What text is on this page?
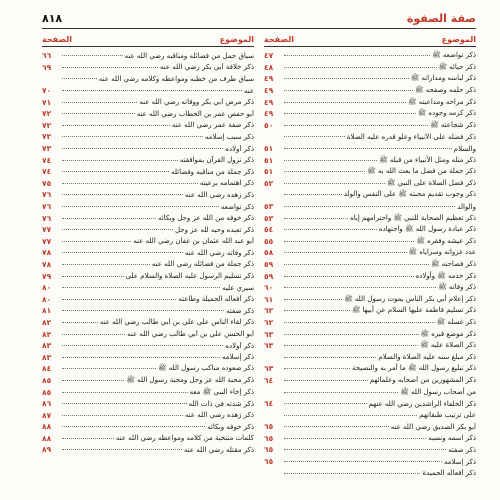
٨١٨	صفة الصفوة
الموضوع
الصفحة
ذكر تواضعه ﷺ
٤٧
ذكر حيائه ﷺ
٤٨
ذكر لباسه ومداراته ﷺ
٤٩
ذكر حلمه وصفحه ﷺ
٤٩
ذكر مزاحه ومداعبته ﷺ
٤٩
ذكر كرمه وجوده ﷺ
٤٩
ذكر شجاعته ﷺ
٥٠
ذكر فضله على الأنبياء وعلو قدره عليه الصلاة
والسلام
٥١
ذكر مثله ومثل الأنبياء من قبله ﷺ
٥١
ذكر جملة من فضل ما بعث الله به ﷺ
٥١
ذكر فضل الصلاة على النبي ﷺ
٥٢
ذكر وجوب تقديم محبته ﷺ على النفس والولد
والوالد
٥٣
ذكر تعظيم الصحابة للنبي ﷺ واحترامهم إياه
٥٣
ذكر عبادة رسول الله ﷺ واجتهاده
٥٤
ذكر عيشه وفقره ﷺ
٥٥
عدد غزواته وسراياه ﷺ
٥٨
ذكر فصاحته ﷺ
٥٩
ذكر خدمه ﷺ وأولاده
٥٩
ذكر وفاته ﷺ
٦٠
ذكر إعلام أبي بكر الناس بموت رسول الله ﷺ
٦١
ذكر تسليم فاطمة عليها السلام عن أبيها ﷺ
٦٢
ذكر غسله ﷺ
٦٢
ذكر موضع قبره ﷺ
٦٣
ذكر الصلاة عليه ﷺ
٦٣
ذكر مبلغ سنه عليه الصلاة والسلام
ذكر تبليغ رسول الله ﷺ ما أمر به والنصيحة
٦٣
ذكر المشهورين من أصحابه وعلمائهم
٦٤
من أصحاب رسول الله ﷺ
ذكر الخلفاء الراشدين رضي الله عنهم
٦٤
على ترتيب طبقاتهم
أبو بكر الصديق رضي الله عنه
٦٥
ذكر اسمه ونسبه
٦٥
ذكر صفته
٦٥
ذكر إسلامه
٦٥
ذكر أفعاله الحميدة
الموضوع
الصفحة
سياق جمل من فضائله ومناقبه رضي الله عنه
٦٦
ذكر خلافة أبي بكر رضي الله عنه
٦٩
سياق طرف من خطبه ومواعظه وكلامه رضي الله عنه
عنه
٧٠
ذكر مرض أبي بكر ووفاته رضي الله عنه
٧١
أبو حفص عمر بن الخطاب رضي الله عنه
٧٢
ذكر صفة عمر رضي الله عنه
٧٢
ذكر سبب إسلامه
٧٢
ذكر أولاده
٧٣
ذكر نزول القرآن بموافقته
٧٤
ذكر جملة من مناقبه وفضائله
٧٤
ذكر اهتمامه برعيته
٧٥
ذكر زهده رضي الله عنه
٧٦
ذكر تواضعه
٧٦
ذكر خوفه من الله عز وجل وبكائه
٧٦
ذكر تعبده وحبه لله عز وجل
٧٧
أبو عبد الله عثمان بن عفان رضي الله عنه
٧٧
ذكر وفاته رضي الله عنه
٧٨
ذكر جملة من فضائله رضي الله عنه
٧٨
ذكر تسليم الرسول عليه الصلاة والسلام على
٧٩
سيري عليه
٨٠
ذكر أفعاله الجميلة وطاعته
٨٠
ذكر صفته
٨١
ذكر لقاء الناس على علي بن أبي طالب رضي الله عنه
٨٢
أبو الحسن علي بن أبي طالب رضي الله عنه
٨٢
ذكر أولاده
٨٣
ذكر إسلامه
٨٣
ذكر صعوده مناكب رسول الله ﷺ
٨٤
ذكر محبة الله عز وجل ومحبة رسول الله ﷺ
٨٥
ذكر إخاء النبي ﷺ معه
٨٥
ذكر شدته في ذات الله
٨٦
ذكر زهده رضي الله عنه
٨٧
ذكر خوفه وبكائه
٨٨
كلمات منتخبة من كلامه ومواعظه رضي الله عنه
٨٨
ذكر مقتله رضي الله عنه
٨٩
